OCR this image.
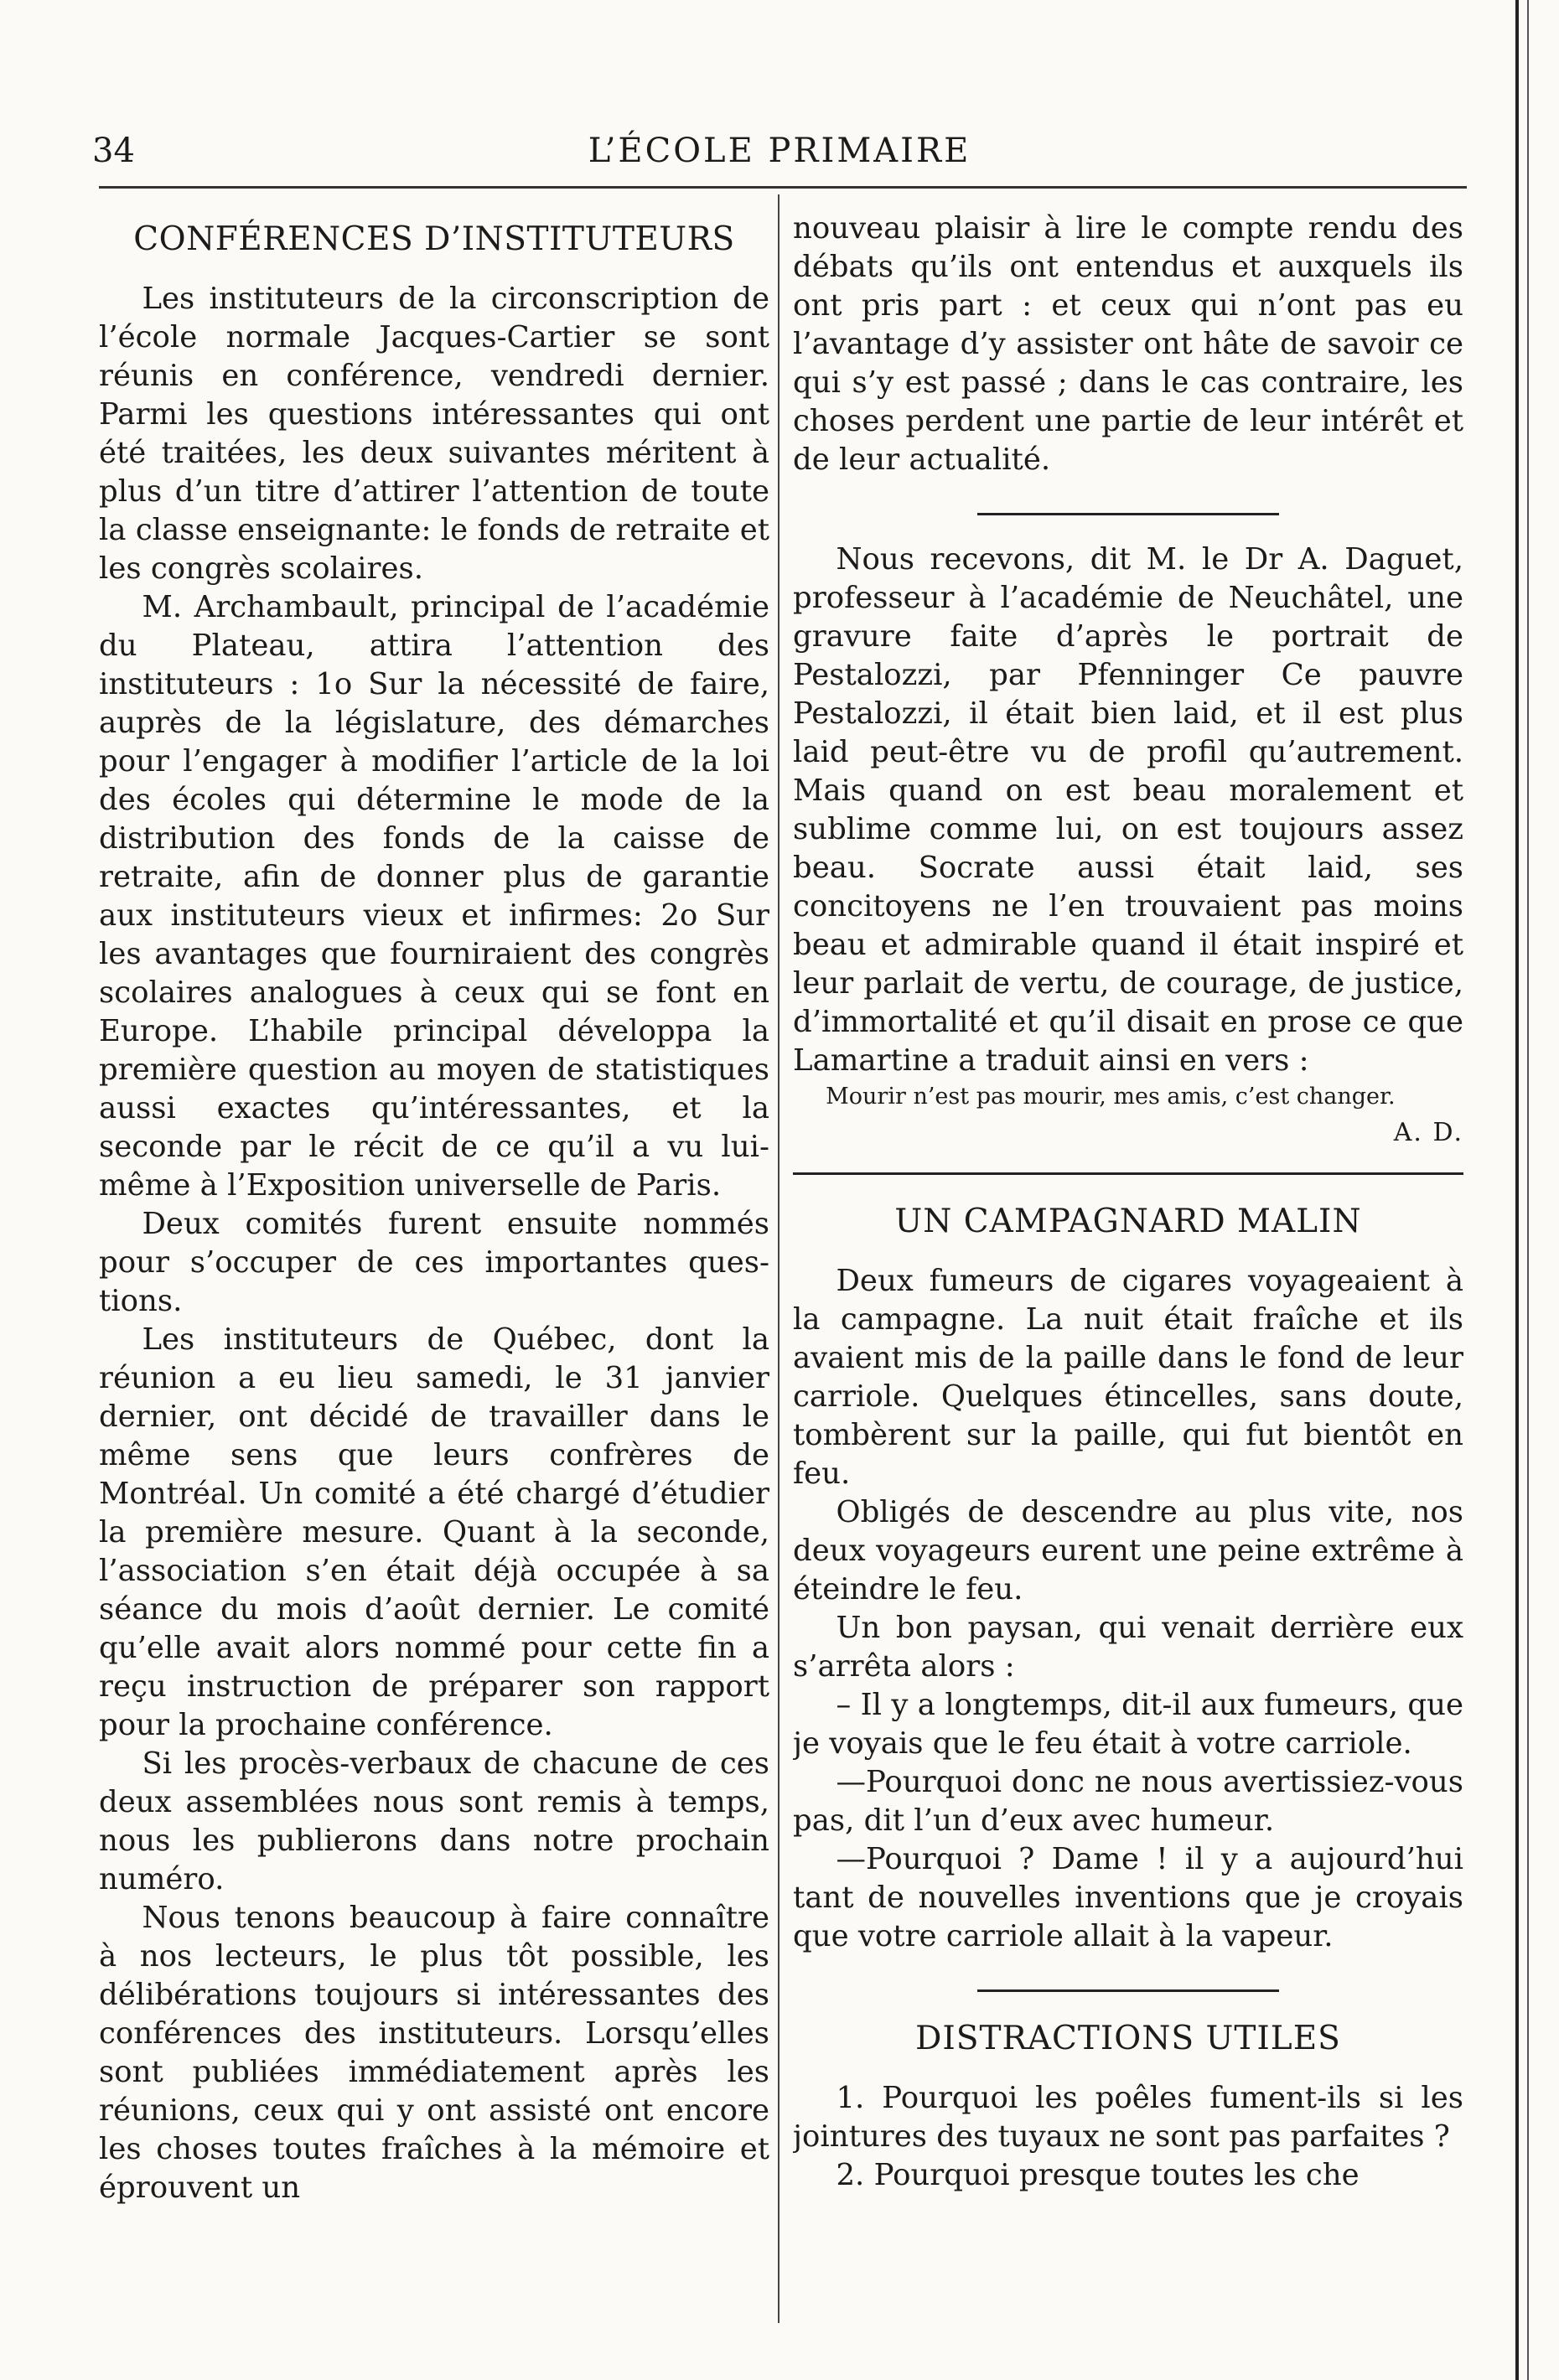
34	L’ÉCOLE PRIMAIRE
CONFÉRENCES D’INSTITUTEURS

Les instituteurs de la circonscription de l’école normale Jacques-Cartier se sont réunis en conférence, vendredi dernier. Parmi les questions intéressantes qui ont été traitées, les deux suivantes méritent à plus d’un titre d’attirer l’attention de toute la classe enseignante: le fonds de retraite et les congrès scolaires.

M. Archambault, principal de l’académie du Plateau, attira l’attention des instituteurs : 1o Sur la nécessité de faire, auprès de la législature, des démarches pour l’engager à modifier l’article de la loi des écoles qui détermine le mode de la distribution des fonds de la caisse de retraite, afin de donner plus de garantie aux instituteurs vieux et infirmes: 2o Sur les avantages que fourniraient des congrès scolaires analogues à ceux qui se font en Europe. L’habile principal développa la première question au moyen de statistiques aussi exactes qu’intéressantes, et la seconde par le récit de ce qu’il a vu lui-même à l’Exposition universelle de Paris.

Deux comités furent ensuite nommés pour s’occuper de ces importantes questions.

Les instituteurs de Québec, dont la réunion a eu lieu samedi, le 31 janvier dernier, ont décidé de travailler dans le même sens que leurs confrères de Montréal. Un comité a été chargé d’étudier la première mesure. Quant à la seconde, l’association s’en était déjà occupée à sa séance du mois d’août dernier. Le comité qu’elle avait alors nommé pour cette fin a reçu instruction de préparer son rapport pour la prochaine conférence.

Si les procès-verbaux de chacune de ces deux assemblées nous sont remis à temps, nous les publierons dans notre prochain numéro.

Nous tenons beaucoup à faire connaître à nos lecteurs, le plus tôt possible, les délibérations toujours si intéressantes des conférences des instituteurs. Lorsqu’elles sont publiées immédiatement après les réunions, ceux qui y ont assisté ont encore les choses toutes fraîches à la mémoire et éprouvent un

nouveau plaisir à lire le compte rendu des débats qu’ils ont entendus et auxquels ils ont pris part : et ceux qui n’ont pas eu l’avantage d’y assister ont hâte de savoir ce qui s’y est passé ; dans le cas contraire, les choses perdent une partie de leur intérêt et de leur actualité.

Nous recevons, dit M. le Dr A. Daguet, professeur à l’académie de Neuchâtel, une gravure faite d’après le portrait de Pestalozzi, par Pfenninger Ce pauvre Pestalozzi, il était bien laid, et il est plus laid peut-être vu de profil qu’autrement. Mais quand on est beau moralement et sublime comme lui, on est toujours assez beau. Socrate aussi était laid, ses concitoyens ne l’en trouvaient pas moins beau et admirable quand il était inspiré et leur parlait de vertu, de courage, de justice, d’immortalité et qu’il disait en prose ce que Lamartine a traduit ainsi en vers :

Mourir n’est pas mourir, mes amis, c’est changer.

A. D.

UN CAMPAGNARD MALIN

Deux fumeurs de cigares voyageaient à la campagne. La nuit était fraîche et ils avaient mis de la paille dans le fond de leur carriole. Quelques étincelles, sans doute, tombèrent sur la paille, qui fut bientôt en feu.

Obligés de descendre au plus vite, nos deux voyageurs eurent une peine extrême à éteindre le feu.

Un bon paysan, qui venait derrière eux s’arrêta alors :

– Il y a longtemps, dit-il aux fumeurs, que je voyais que le feu était à votre carriole.

—Pourquoi donc ne nous avertissiez-vous pas, dit l’un d’eux avec humeur.

—Pourquoi ? Dame ! il y a aujourd’hui tant de nouvelles inventions que je croyais que votre carriole allait à la vapeur.

DISTRACTIONS UTILES

1. Pourquoi les poêles fument-ils si les jointures des tuyaux ne sont pas parfaites ?

2. Pourquoi presque toutes les che
